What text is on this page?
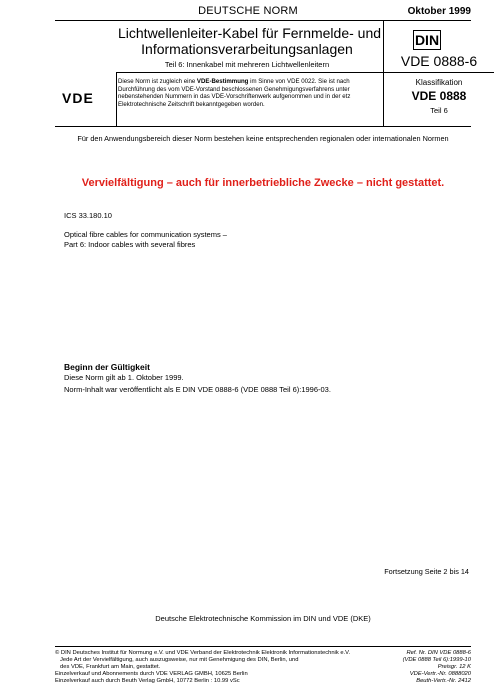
DEUTSCHE NORM	Oktober 1999
Lichtwellenleiter-Kabel für Fernmelde- und
Informationsverarbeitungsanlagen
Teil 6: Innenkabel mit mehreren Lichtwellenleitern
DIN
VDE 0888-6
VDE
Diese Norm ist zugleich eine VDE-Bestimmung im Sinne von VDE 0022. Sie ist nach
Durchführung des vom VDE-Vorstand beschlossenen Genehmigungsverfahrens unter
nebenstehenden Nummern in das VDE-Vorschriftenwerk aufgenommen und in der etz
Elektrotechnische Zeitschrift bekanntgegeben worden.
Klassifikation
VDE 0888
Teil 6
Für den Anwendungsbereich dieser Norm bestehen keine entsprechenden regionalen oder internationalen Normen
Vervielfältigung – auch für innerbetriebliche Zwecke – nicht gestattet.
ICS 33.180.10
Optical fibre cables for communication systems –
Part 6: Indoor cables with several fibres
Beginn der Gültigkeit
Diese Norm gilt ab 1. Oktober 1999.
Norm-Inhalt war veröffentlicht als E DIN VDE 0888-6 (VDE 0888 Teil 6):1996-03.
Fortsetzung Seite 2 bis 14
Deutsche Elektrotechnische Kommission im DIN und VDE (DKE)
© DIN Deutsches Institut für Normung e.V. und VDE Verband der Elektrotechnik Elektronik Informationstechnik e.V.
Jede Art der Vervielfältigung, auch auszugsweise, nur mit Genehmigung des DIN, Berlin, und
des VDE, Frankfurt am Main, gestattet.
Einzelverkauf und Abonnements durch VDE VERLAG GMBH, 10625 Berlin
Einzelverkauf auch durch Beuth Verlag GmbH, 10772 Berlin : 10.99 vSc
Ref. Nr. DIN VDE 0888-6
(VDE 0888 Teil 6):1999-10
Preisgr. 12 K
VDE-Vertr.-Nr. 0888020
Beuth-Vertr.-Nr. 2412
